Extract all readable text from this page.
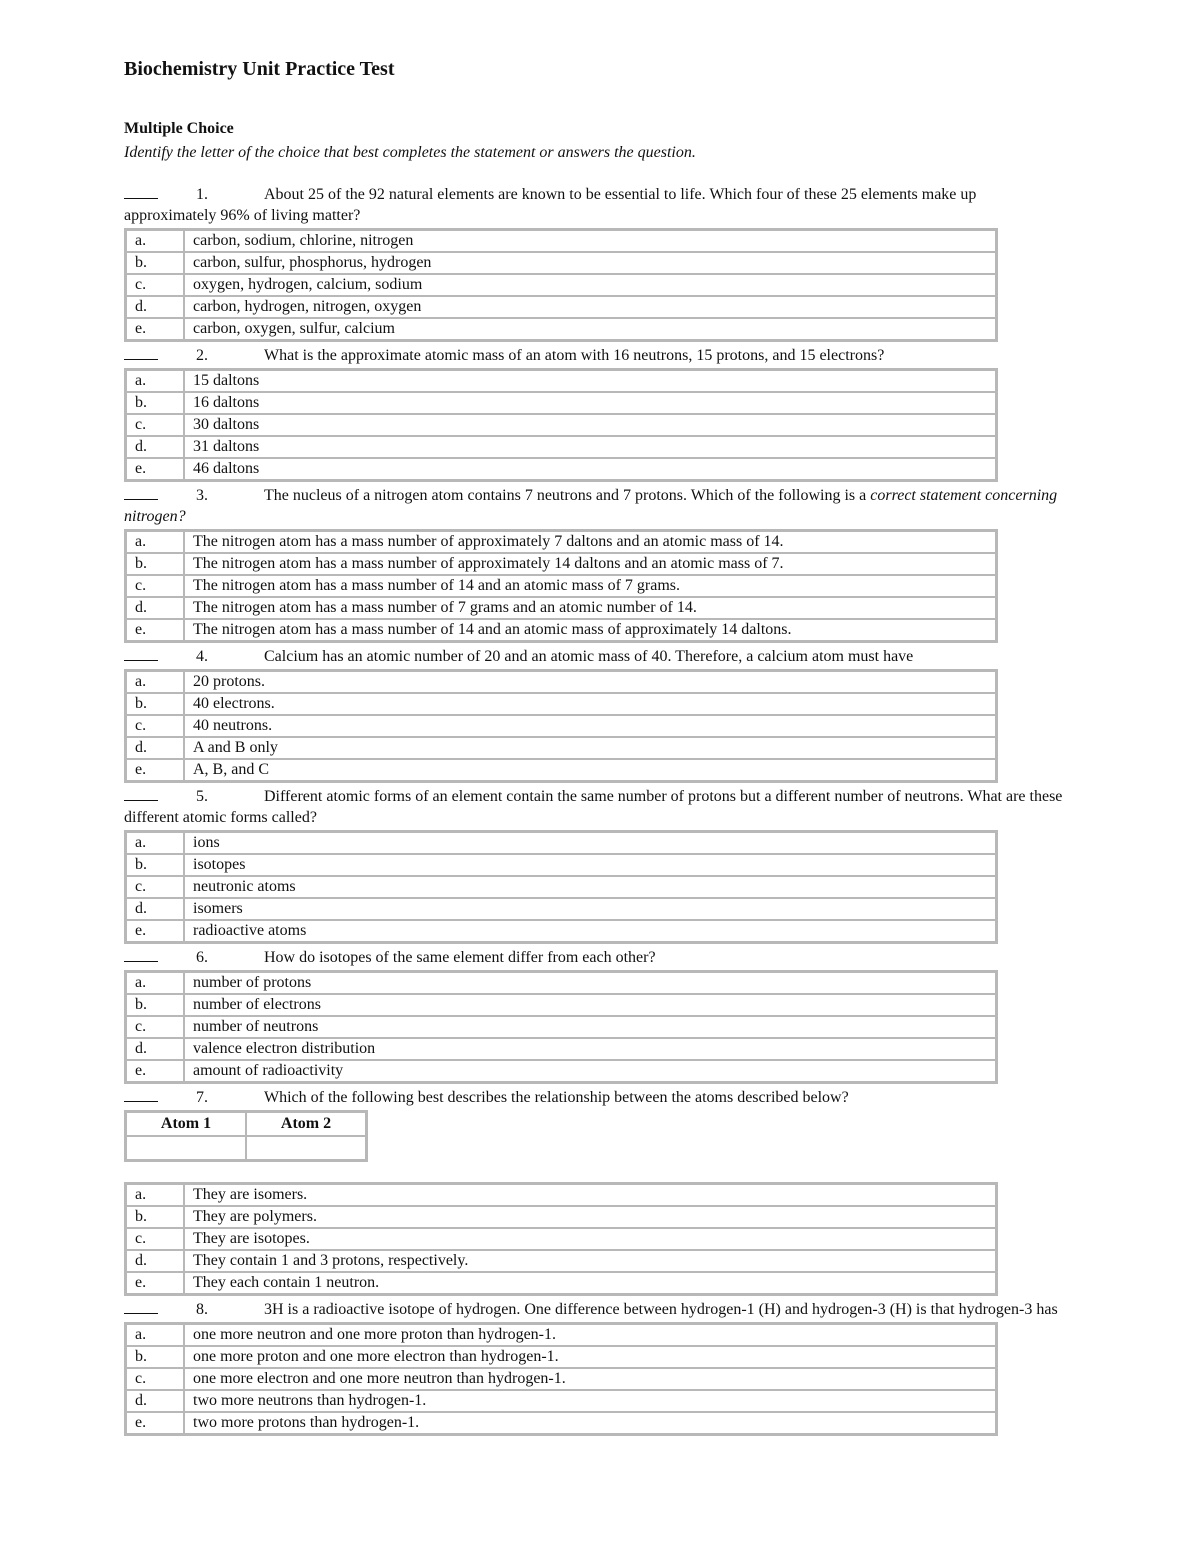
Biochemistry Unit Practice Test
Multiple Choice

Identify the letter of the choice that best completes the statement or answers the question.

1.	About 25 of the 92 natural elements are known to be essential to life. Which four of these 25 elements make up approximately 96% of living matter?

a.	carbon, sodium, chlorine, nitrogen
b.	carbon, sulfur, phosphorus, hydrogen
c.	oxygen, hydrogen, calcium, sodium
d.	carbon, hydrogen, nitrogen, oxygen
e.	carbon, oxygen, sulfur, calcium

2.	What is the approximate atomic mass of an atom with 16 neutrons, 15 protons, and 15 electrons?

a.	15 daltons
b.	16 daltons
c.	30 daltons
d.	31 daltons
e.	46 daltons

3.	The nucleus of a nitrogen atom contains 7 neutrons and 7 protons. Which of the following is a correct statement concerning nitrogen?

a.	The nitrogen atom has a mass number of approximately 7 daltons and an atomic mass of 14.
b.	The nitrogen atom has a mass number of approximately 14 daltons and an atomic mass of 7.
c.	The nitrogen atom has a mass number of 14 and an atomic mass of 7 grams.
d.	The nitrogen atom has a mass number of 7 grams and an atomic number of 14.
e.	The nitrogen atom has a mass number of 14 and an atomic mass of approximately 14 daltons.

4.	Calcium has an atomic number of 20 and an atomic mass of 40. Therefore, a calcium atom must have

a.	20 protons.
b.	40 electrons.
c.	40 neutrons.
d.	A and B only
e.	A, B, and C

5.	Different atomic forms of an element contain the same number of protons but a different number of neutrons. What are these different atomic forms called?

a.	ions
b.	isotopes
c.	neutronic atoms
d.	isomers
e.	radioactive atoms

6.	How do isotopes of the same element differ from each other?

a.	number of protons
b.	number of electrons
c.	number of neutrons
d.	valence electron distribution
e.	amount of radioactivity

7.	Which of the following best describes the relationship between the atoms described below?

Atom 1	Atom 2

a.	They are isomers.
b.	They are polymers.
c.	They are isotopes.
d.	They contain 1 and 3 protons, respectively.
e.	They each contain 1 neutron.

8.	3H is a radioactive isotope of hydrogen. One difference between hydrogen-1 (H) and hydrogen-3 (H) is that hydrogen-3 has

a.	one more neutron and one more proton than hydrogen-1.
b.	one more proton and one more electron than hydrogen-1.
c.	one more electron and one more neutron than hydrogen-1.
d.	two more neutrons than hydrogen-1.
e.	two more protons than hydrogen-1.
